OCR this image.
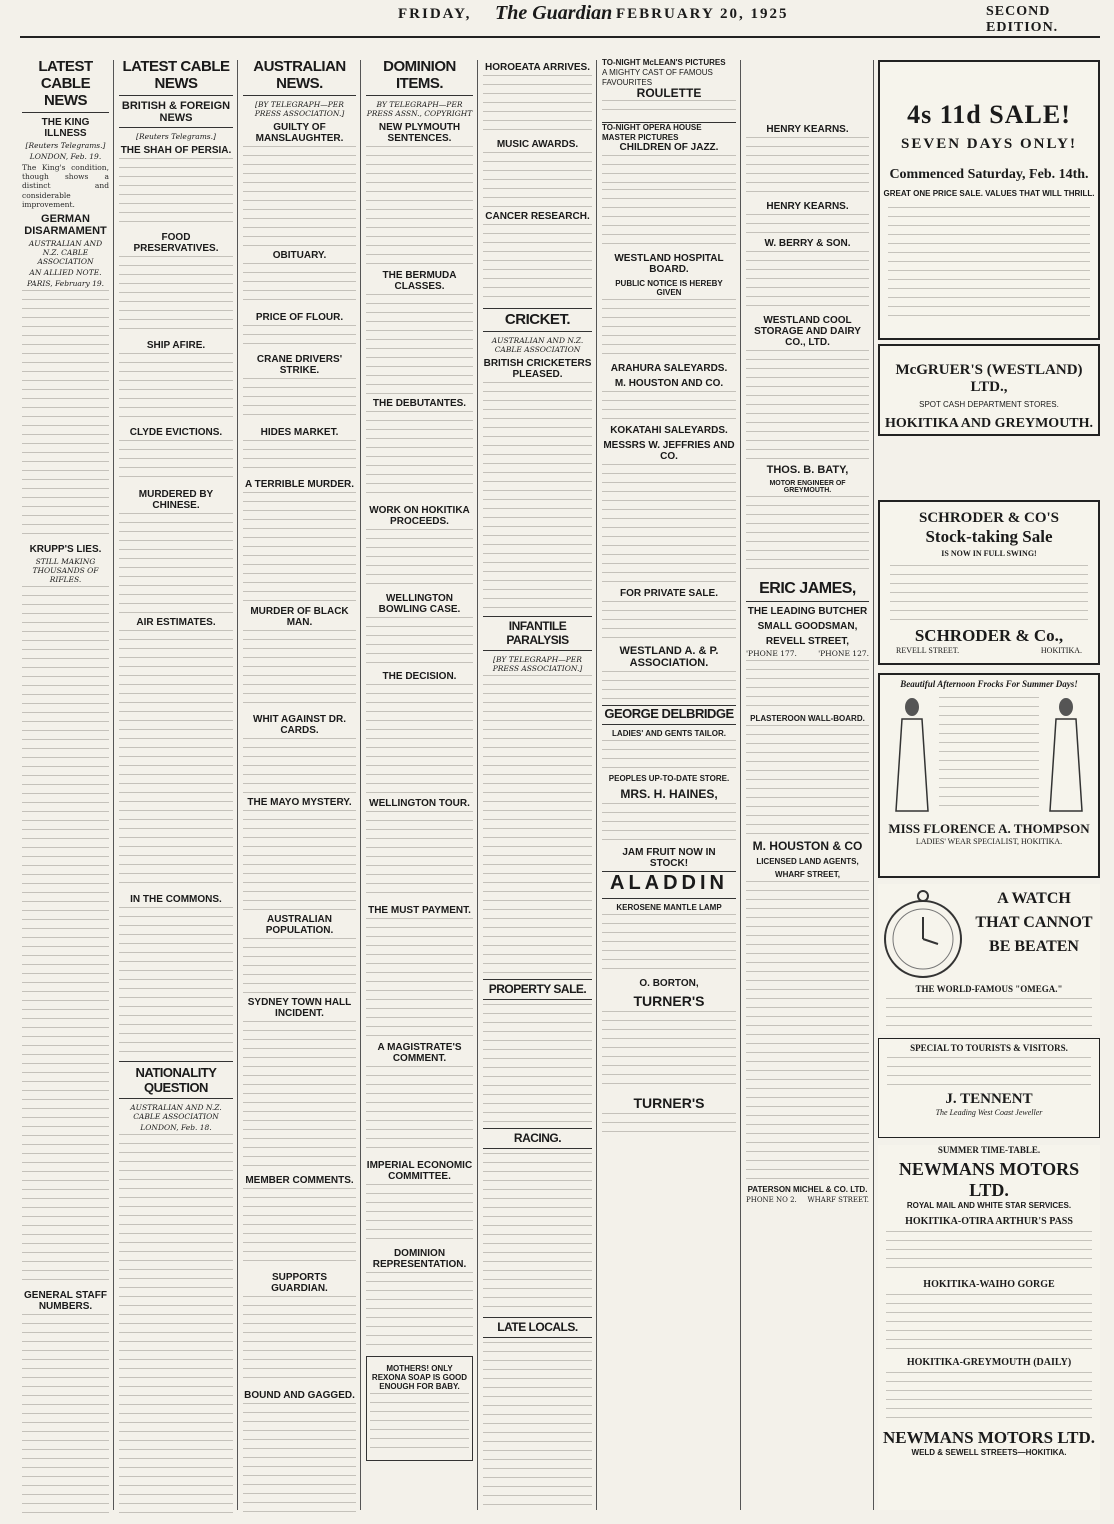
FRIDAY, The Guardian FEBRUARY 20, 1925	SECOND EDITION.
LATEST CABLE NEWS
THE KING ILLNESS
[Reuters Telegrams.]
LONDON, Feb. 19.
The King's condition, though shows a distinct and considerable improvement.
GERMAN DISARMAMENT
AUSTRALIAN AND N.Z. CABLE ASSOCIATION
AN ALLIED NOTE.
PARIS, February 19.
KRUPP'S LIES.
STILL MAKING THOUSANDS OF RIFLES.
GENERAL STAFF NUMBERS.
LATEST CABLE NEWS
BRITISH & FOREIGN NEWS
[Reuters Telegrams.]
THE SHAH OF PERSIA.
FOOD PRESERVATIVES.
SHIP AFIRE.
CLYDE EVICTIONS.
MURDERED BY CHINESE.
AIR ESTIMATES.
IN THE COMMONS.
NATIONALITY QUESTION
AUSTRALIAN AND N.Z. CABLE ASSOCIATION
LONDON, Feb. 18.
AUSTRALIAN NEWS.
[BY TELEGRAPH—PER PRESS ASSOCIATION.]
GUILTY OF MANSLAUGHTER.
OBITUARY.
PRICE OF FLOUR.
CRANE DRIVERS' STRIKE.
HIDES MARKET.
A TERRIBLE MURDER.
MURDER OF BLACK MAN.
WHIT AGAINST DR. CARDS.
THE MAYO MYSTERY.
AUSTRALIAN POPULATION.
SYDNEY TOWN HALL INCIDENT.
MEMBER COMMENTS.
SUPPORTS GUARDIAN.
BOUND AND GAGGED.
DOMINION ITEMS.
BY TELEGRAPH—PER PRESS ASSN., COPYRIGHT
NEW PLYMOUTH SENTENCES.
THE BERMUDA CLASSES.
THE DEBUTANTES.
WORK ON HOKITIKA PROCEEDS.
WELLINGTON BOWLING CASE.
THE DECISION.
WELLINGTON TOUR.
THE MUST PAYMENT.
A MAGISTRATE'S COMMENT.
IMPERIAL ECONOMIC COMMITTEE.
DOMINION REPRESENTATION.
MOTHERS! ONLY REXONA SOAP IS GOOD ENOUGH FOR BABY.
HOROEATA ARRIVES.
MUSIC AWARDS.
CANCER RESEARCH.
CRICKET.
AUSTRALIAN AND N.Z. CABLE ASSOCIATION
BRITISH CRICKETERS PLEASED.
INFANTILE PARALYSIS
[BY TELEGRAPH—PER PRESS ASSOCIATION.]
PROPERTY SALE.
RACING.
LATE LOCALS.
TO-NIGHT McLEAN'S PICTURES
A MIGHTY CAST OF FAMOUS FAVOURITES
ROULETTE
TO-NIGHT OPERA HOUSE MASTER PICTURES
CHILDREN OF JAZZ.
WESTLAND HOSPITAL BOARD.
PUBLIC NOTICE IS HEREBY GIVEN
ARAHURA SALEYARDS.
M. HOUSTON AND CO.
KOKATAHI SALEYARDS.
MESSRS W. JEFFRIES AND CO.
FOR PRIVATE SALE.
WESTLAND A. & P. ASSOCIATION.
GEORGE DELBRIDGE
LADIES' AND GENTS TAILOR.
PEOPLES UP-TO-DATE STORE.
MRS. H. HAINES,
JAM FRUIT NOW IN STOCK!
ALADDIN
KEROSENE MANTLE LAMP
O. BORTON,
TURNER'S
TURNER'S
HENRY KEARNS.
HENRY KEARNS.
W. BERRY & SON.
WESTLAND COOL STORAGE AND DAIRY CO., LTD.
THOS. B. BATY,
MOTOR ENGINEER OF GREYMOUTH.
ERIC JAMES,
THE LEADING BUTCHER
SMALL GOODSMAN,
REVELL STREET,
'PHONE 177.	'PHONE 127.
PLASTEROON WALL-BOARD.
M. HOUSTON & CO
LICENSED LAND AGENTS,
WHARF STREET,
PATERSON MICHEL & CO. LTD.
PHONE NO 2. WHARF STREET.
4s 11d SALE!
SEVEN DAYS ONLY!
Commenced Saturday, Feb. 14th.
GREAT ONE PRICE SALE. VALUES THAT WILL THRILL.
McGRUER'S (WESTLAND) LTD.,
SPOT CASH DEPARTMENT STORES.
HOKITIKA AND GREYMOUTH.
SCHRODER & CO'S
Stock-taking Sale
IS NOW IN FULL SWING!
SCHRODER & Co.,
REVELL STREET.	HOKITIKA.
Beautiful Afternoon Frocks For Summer Days!
MISS FLORENCE A. THOMPSON
LADIES' WEAR SPECIALIST, HOKITIKA.
A WATCH
THAT CANNOT
BE BEATEN
THE WORLD-FAMOUS "OMEGA."
SPECIAL TO TOURISTS & VISITORS.
J. TENNENT
The Leading West Coast Jeweller
SUMMER TIME-TABLE.
NEWMANS MOTORS LTD.
ROYAL MAIL AND WHITE STAR SERVICES.
HOKITIKA-OTIRA ARTHUR'S PASS
HOKITIKA-WAIHO GORGE
HOKITIKA-GREYMOUTH (DAILY)
NEWMANS MOTORS LTD.
WELD & SEWELL STREETS—HOKITIKA.
